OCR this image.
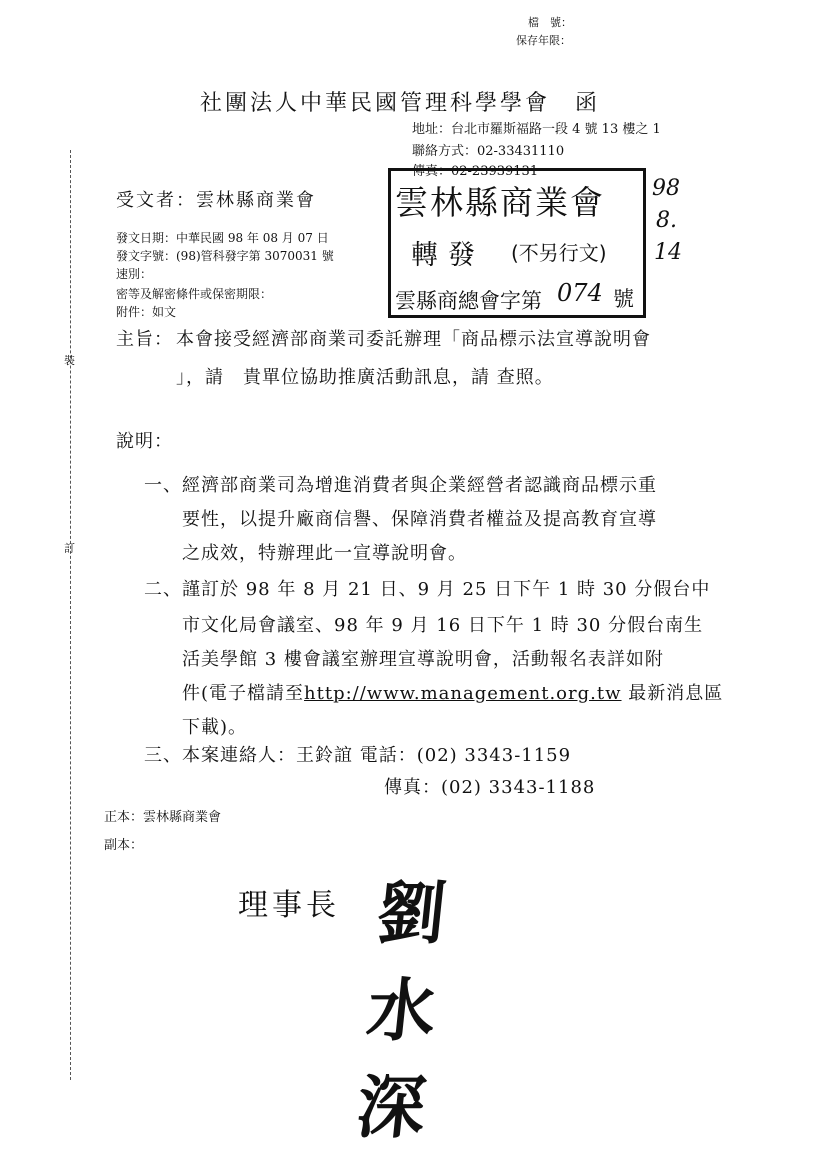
檔　號：
保存年限：
裝
訂
社團法人中華民國管理科學學會　函
地址：台北市羅斯福路一段 4 號 13 樓之 1
聯絡方式：02-33431110
傳真：02-23939131
受文者：雲林縣商業會
發文日期：中華民國 98 年 08 月 07 日
發文字號：(98)管科發字第 3070031 號
速別：
密等及解密條件或保密期限：
附件：如文
雲林縣商業會
轉發 (不另行文)
雲縣商總會字第 074 號
98
8.
14
主旨： 本會接受經濟部商業司委託辦理「商品標示法宣導說明會
」，請　貴單位協助推廣活動訊息，請 查照。
說明：
一、 經濟部商業司為增進消費者與企業經營者認識商品標示重
要性，以提升廠商信譽、保障消費者權益及提高教育宣導
之成效，特辦理此一宣導說明會。
二、 謹訂於 98 年 8 月 21 日、9 月 25 日下午 1 時 30 分假台中
市文化局會議室、98 年 9 月 16 日下午 1 時 30 分假台南生
活美學館 3 樓會議室辦理宣導說明會，活動報名表詳如附
件(電子檔請至http://www.management.org.tw 最新消息區
下載)。
三、 本案連絡人：王鈴誼 電話：(02) 3343-1159
傳真：(02) 3343-1188
正本：雲林縣商業會
副本：
理事長 劉水深
